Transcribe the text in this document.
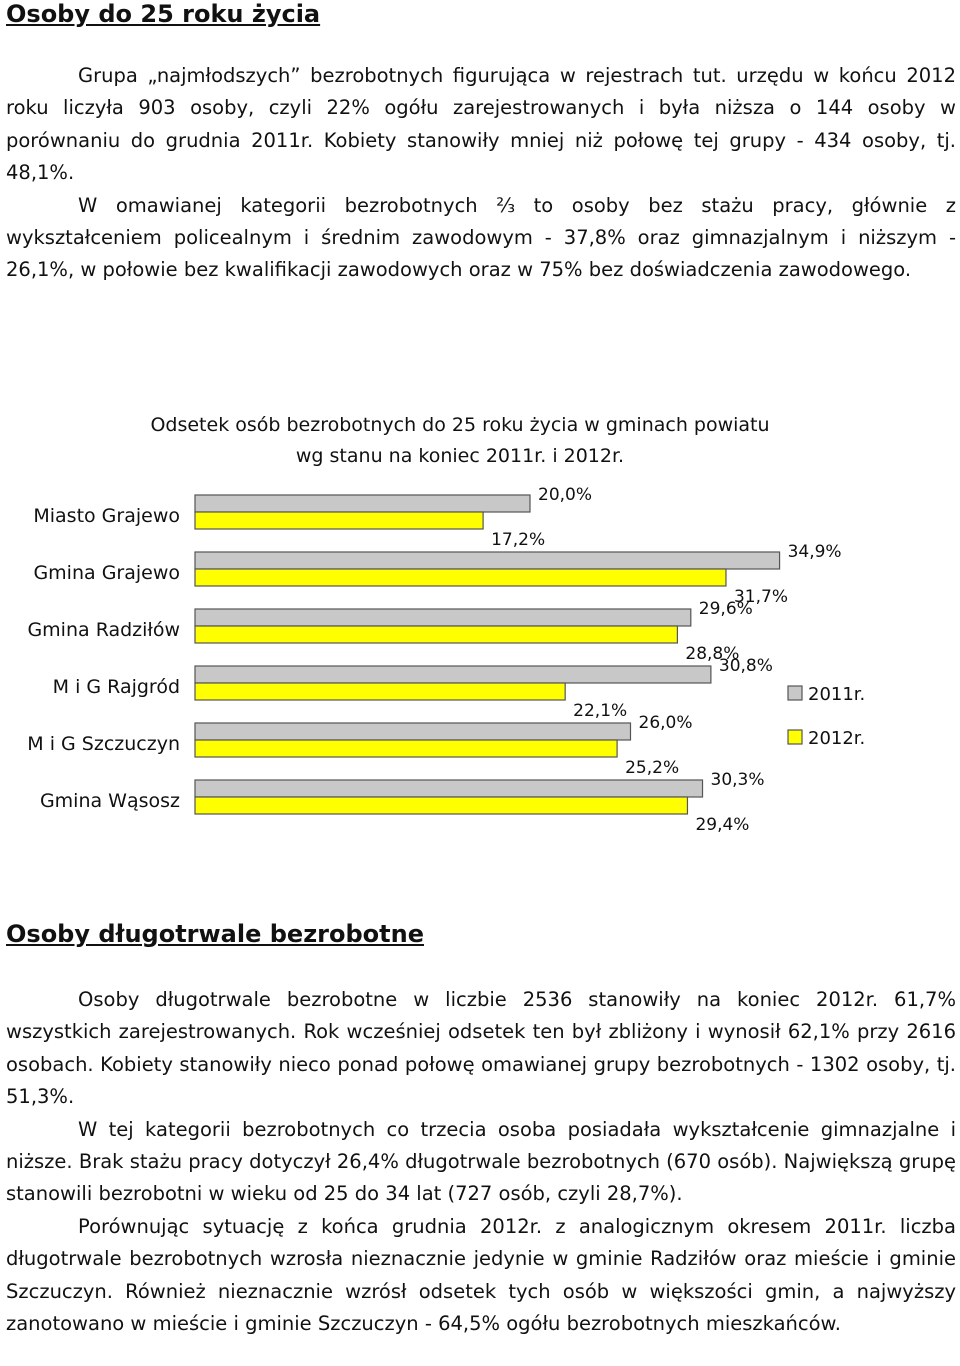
Osoby do 25 roku życia

Grupa „najmłodszych” bezrobotnych figurująca w rejestrach tut. urzędu w końcu 2012 roku liczyła 903 osoby, czyli 22% ogółu zarejestrowanych i była niższa o 144 osoby w porównaniu do grudnia 2011r. Kobiety stanowiły mniej niż połowę tej grupy - 434 osoby, tj. 48,1%.

W omawianej kategorii bezrobotnych ⅔ to osoby bez stażu pracy, głównie z wykształceniem policealnym i średnim zawodowym - 37,8% oraz gimnazjalnym i niższym - 26,1%, w połowie bez kwalifikacji zawodowych oraz w 75% bez doświadczenia zawodowego.

Odsetek osób bezrobotnych do 25 roku życia w gminach powiatu
wg stanu na koniec 2011r. i 2012r.
Miasto Grajewo
20,0%
17,2%
Gmina Grajewo
34,9%
31,7%
Gmina Radziłów
29,6%
28,8%
M i G Rajgród
30,8%
22,1%
M i G Szczuczyn
26,0%
25,2%
Gmina Wąsosz
30,3%
29,4%
2011r.
2012r.
Osoby długotrwale bezrobotne

Osoby długotrwale bezrobotne w liczbie 2536 stanowiły na koniec 2012r. 61,7% wszystkich zarejestrowanych. Rok wcześniej odsetek ten był zbliżony i wynosił 62,1% przy 2616 osobach. Kobiety stanowiły nieco ponad połowę omawianej grupy bezrobotnych - 1302 osoby, tj. 51,3%.

W tej kategorii bezrobotnych co trzecia osoba posiadała wykształcenie gimnazjalne i niższe. Brak stażu pracy dotyczył 26,4% długotrwale bezrobotnych (670 osób). Największą grupę stanowili bezrobotni w wieku od 25 do 34 lat (727 osób, czyli 28,7%).

Porównując sytuację z końca grudnia 2012r. z analogicznym okresem 2011r. liczba długotrwale bezrobotnych wzrosła nieznacznie jedynie w gminie Radziłów oraz mieście i gminie Szczuczyn. Również nieznacznie wzrósł odsetek tych osób w większości gmin, a najwyższy zanotowano w mieście i gminie Szczuczyn - 64,5% ogółu bezrobotnych mieszkańców.
